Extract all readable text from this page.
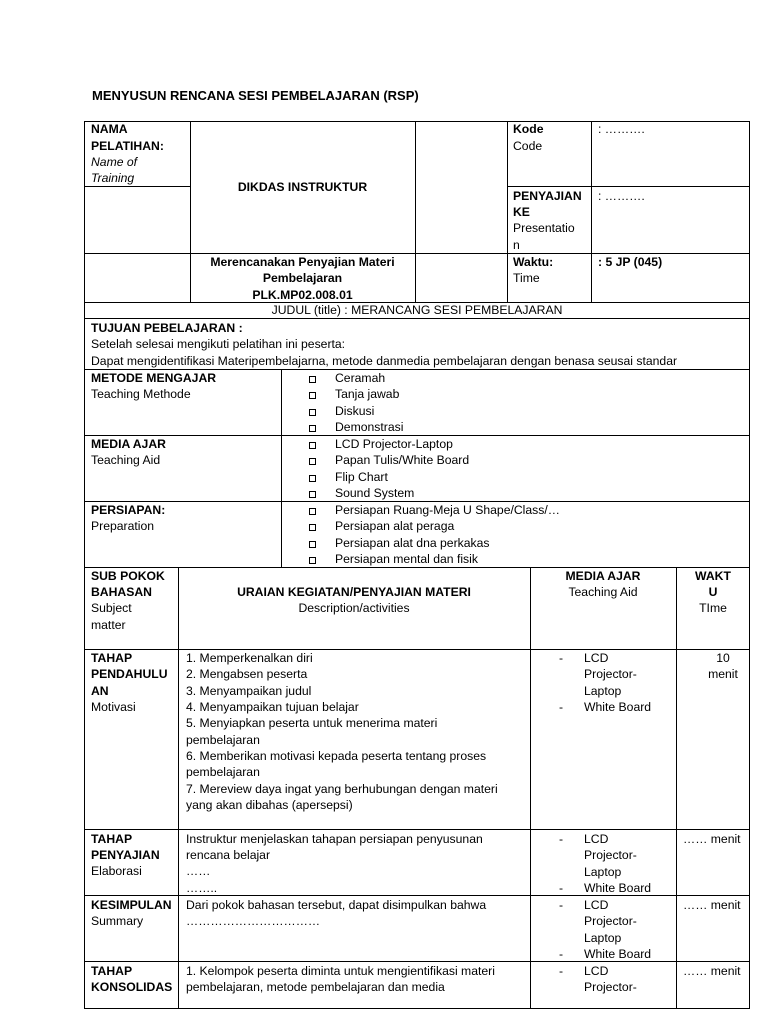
MENYUSUN RENCANA SESI PEMBELAJARAN (RSP)
NAMA
PELATIHAN:
Name of
Training
DIKDAS INSTRUKTUR
Merencanakan Penyajian Materi
Pembelajaran
PLK.MP02.008.01
Kode
Code
: ……….
PENYAJIAN
KE
Presentatio
n
: ……….
Waktu:
Time
: 5 JP (045)
JUDUL (title) : MERANCANG SESI PEMBELAJARAN
TUJUAN PEBELAJARAN :
Setelah selesai mengikuti pelatihan ini peserta:
Dapat mengidentifikasi Materipembelajarna, metode danmedia pembelajaran dengan benasa seusai standar
METODE MENGAJAR
Teaching Methode
Ceramah
Tanja jawab
Diskusi
Demonstrasi
MEDIA AJAR
Teaching Aid
LCD Projector-Laptop
Papan Tulis/White Board
Flip Chart
Sound System
PERSIAPAN:
Preparation
Persiapan Ruang-Meja U Shape/Class/…
Persiapan alat peraga
Persiapan alat dna perkakas
Persiapan mental dan fisik
SUB POKOK
BAHASAN
Subject
matter
URAIAN KEGIATAN/PENYAJIAN MATERI
Description/activities
MEDIA AJAR
Teaching Aid
WAKT
U
TIme
TAHAP
PENDAHULU
AN
Motivasi
1. Memperkenalkan diri
2. Mengabsen peserta
3. Menyampaikan judul
4. Menyampaikan tujuan belajar
5. Menyiapkan peserta untuk menerima materi
pembelajaran
6. Memberikan motivasi kepada peserta tentang proses
pembelajaran
7. Mereview daya ingat yang berhubungan dengan materi
yang akan dibahas (apersepsi)
- LCD
Projector-
Laptop
- White Board
10
menit
TAHAP
PENYAJIAN
Elaborasi
Instruktur menjelaskan tahapan persiapan penyusunan
rencana belajar
……
……..
- LCD
Projector-
Laptop
- White Board
…… menit
KESIMPULAN
Summary
Dari pokok bahasan tersebut, dapat disimpulkan bahwa
……………………………
- LCD
Projector-
Laptop
- White Board
…… menit
TAHAP
KONSOLIDAS
1. Kelompok peserta diminta untuk mengientifikasi materi
pembelajaran, metode pembelajaran dan media
- LCD
Projector-
…… menit
